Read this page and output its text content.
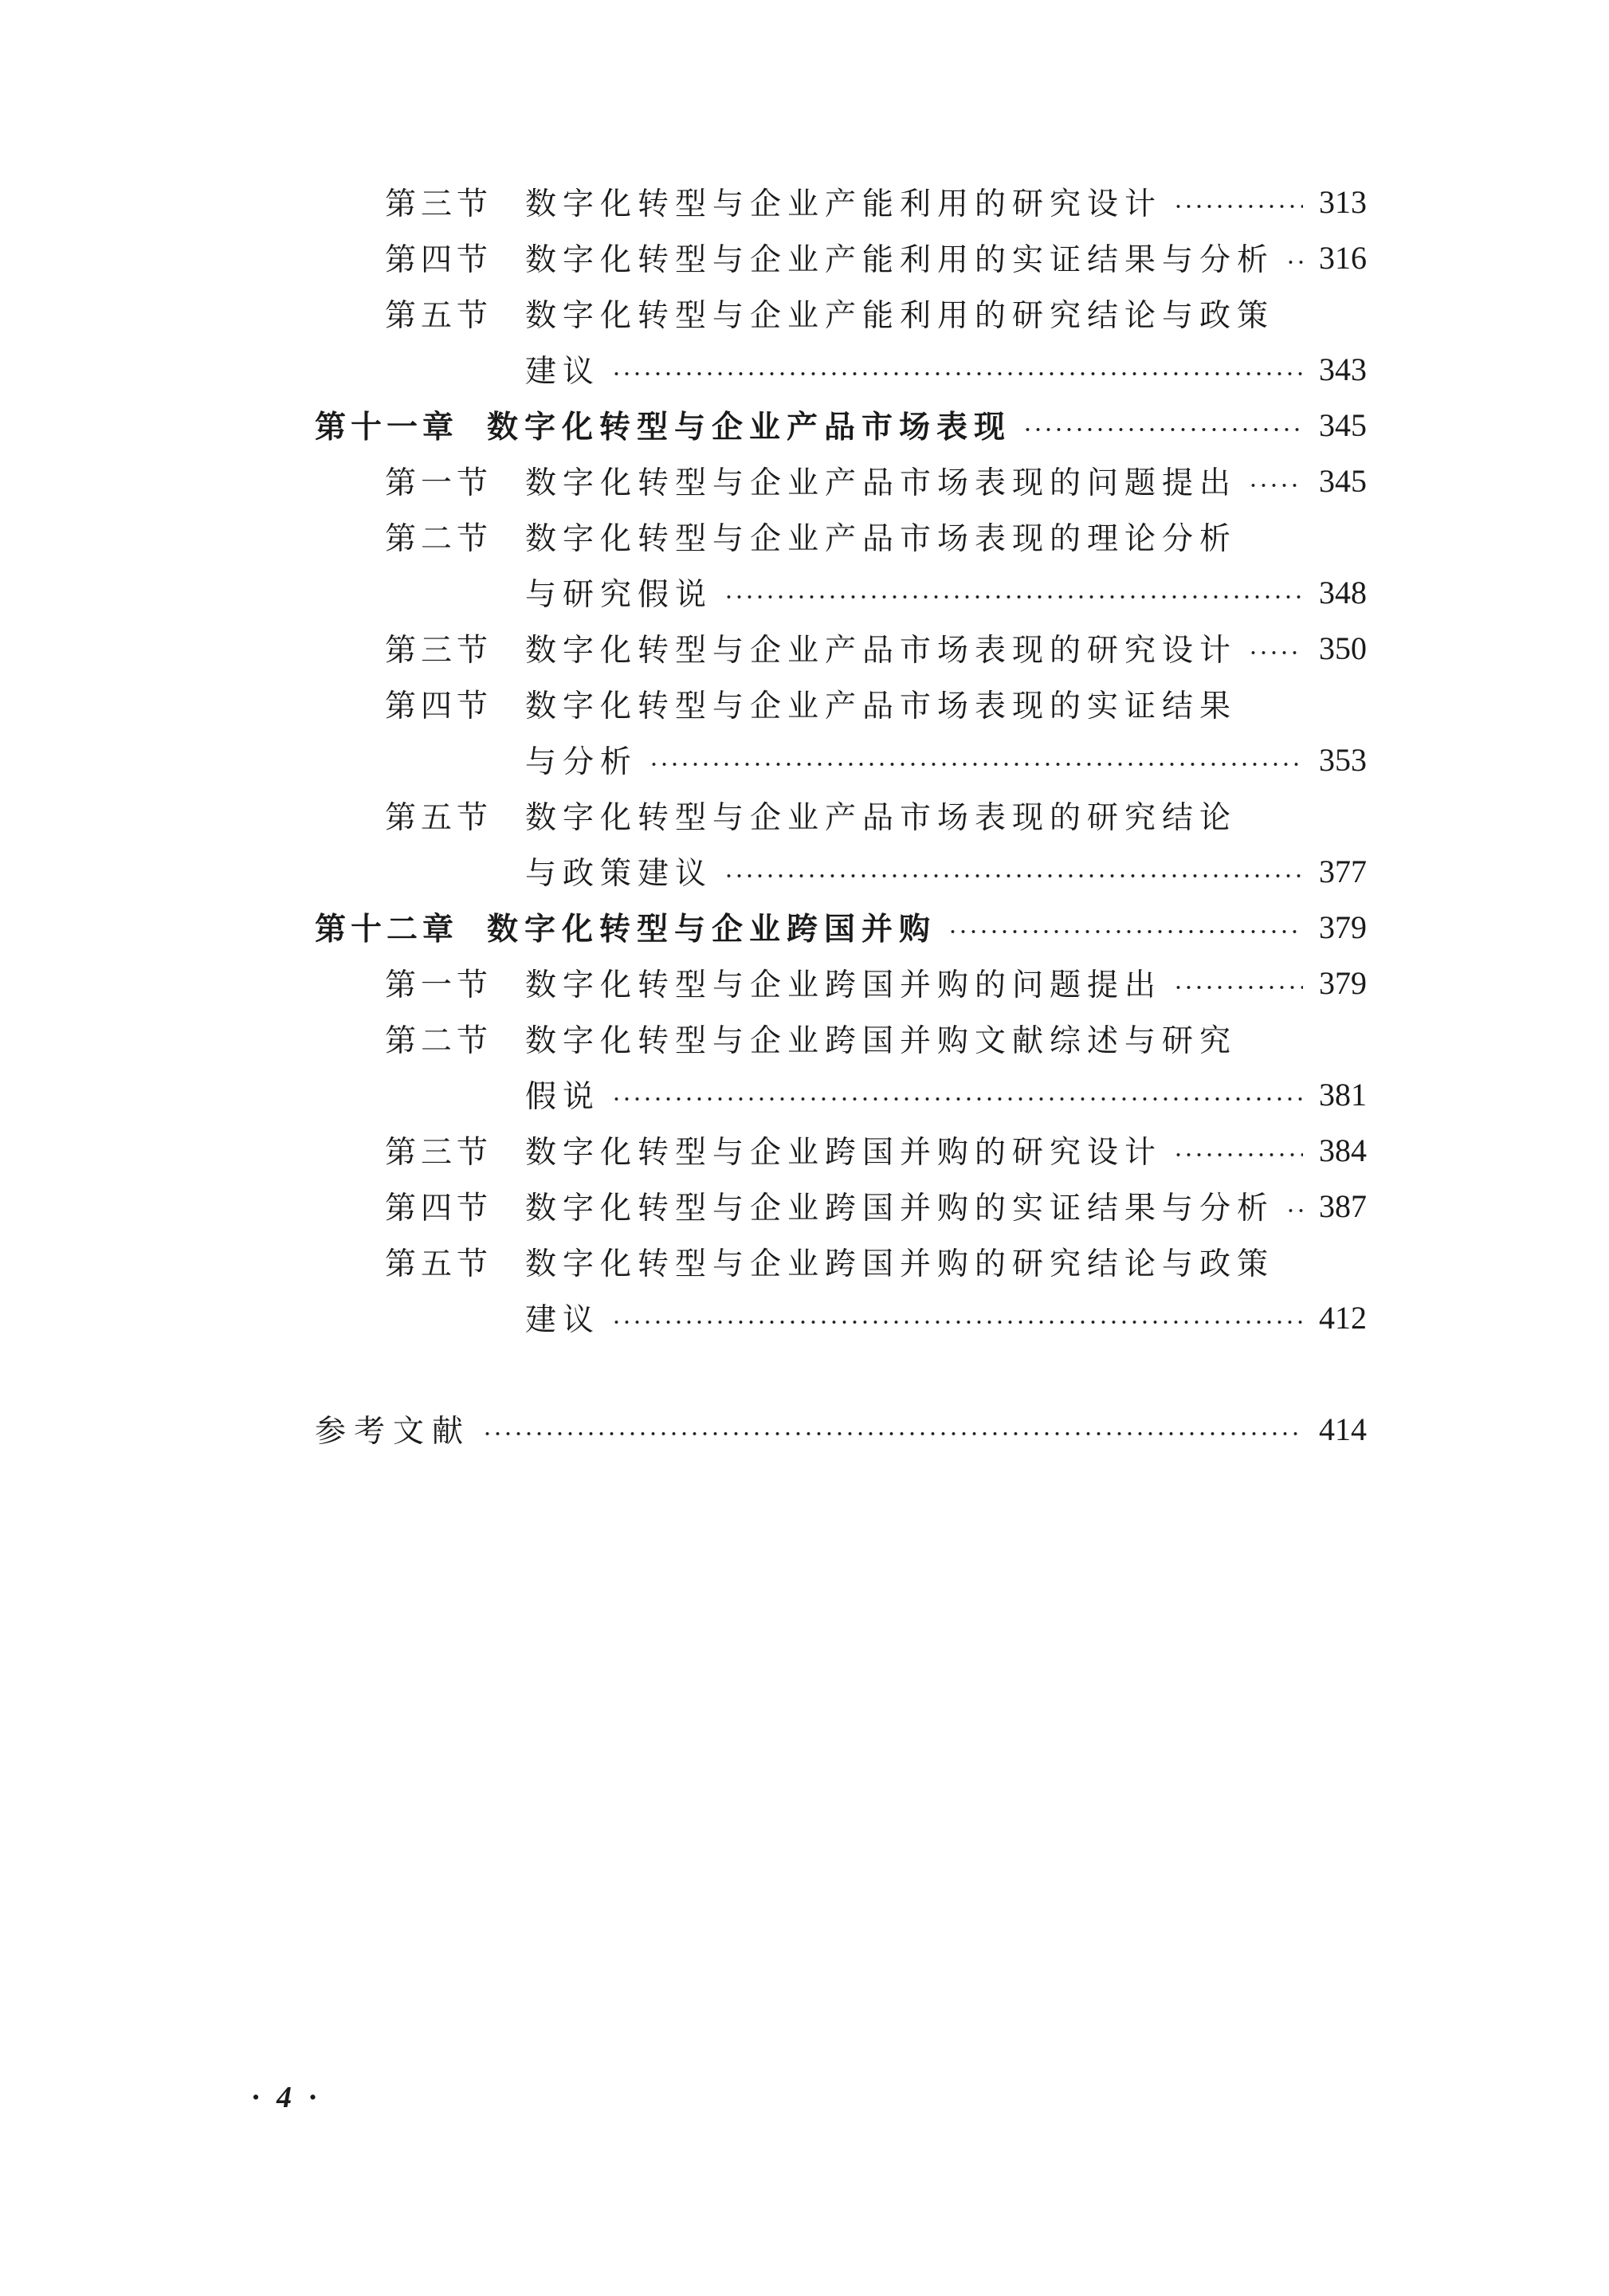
第三节	数字化转型与企业产能利用的研究设计	313
第四节	数字化转型与企业产能利用的实证结果与分析 316
第五节	数字化转型与企业产能利用的研究结论与政策
建议	343
第十一章 数字化转型与企业产品市场表现	345
第一节	数字化转型与企业产品市场表现的问题提出	345
第二节	数字化转型与企业产品市场表现的理论分析
与研究假说	348
第三节	数字化转型与企业产品市场表现的研究设计	350
第四节	数字化转型与企业产品市场表现的实证结果
与分析	353
第五节	数字化转型与企业产品市场表现的研究结论
与政策建议	377
第十二章 数字化转型与企业跨国并购	379
第一节	数字化转型与企业跨国并购的问题提出	379
第二节	数字化转型与企业跨国并购文献综述与研究
假说	381
第三节	数字化转型与企业跨国并购的研究设计	384
第四节	数字化转型与企业跨国并购的实证结果与分析 387
第五节	数字化转型与企业跨国并购的研究结论与政策
建议	412
参考文献	414
· 4 ·
